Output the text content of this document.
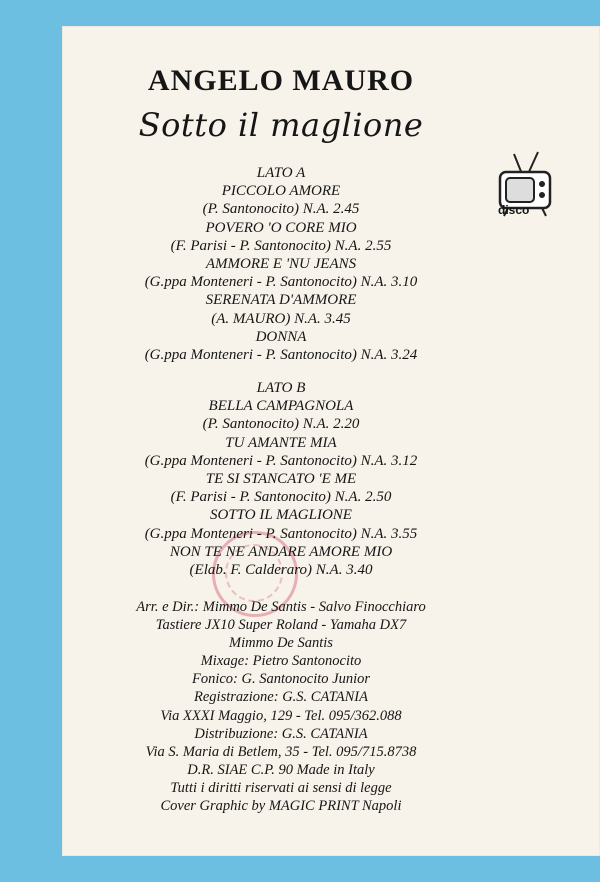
ANGELO MAURO
Sotto il maglione
disco
LATO A
PICCOLO AMORE
(P. Santonocito) N.A. 2.45
POVERO 'O CORE MIO
(F. Parisi - P. Santonocito) N.A. 2.55
AMMORE E 'NU JEANS
(G.ppa Monteneri - P. Santonocito) N.A. 3.10
SERENATA D'AMMORE
(A. MAURO) N.A. 3.45
DONNA
(G.ppa Monteneri - P. Santonocito) N.A. 3.24
LATO B
BELLA CAMPAGNOLA
(P. Santonocito) N.A. 2.20
TU AMANTE MIA
(G.ppa Monteneri - P. Santonocito) N.A. 3.12
TE SI STANCATO 'E ME
(F. Parisi - P. Santonocito) N.A. 2.50
SOTTO IL MAGLIONE
(G.ppa Monteneri - P. Santonocito) N.A. 3.55
NON TE NE ANDARE AMORE MIO
(Elab. F. Calderaro) N.A. 3.40
Arr. e Dir.: Mimmo De Santis - Salvo Finocchiaro
Tastiere JX10 Super Roland - Yamaha DX7
Mimmo De Santis
Mixage: Pietro Santonocito
Fonico: G. Santonocito Junior
Registrazione: G.S. CATANIA
Via XXXI Maggio, 129 - Tel. 095/362.088
Distribuzione: G.S. CATANIA
Via S. Maria di Betlem, 35 - Tel. 095/715.8738
D.R. SIAE C.P. 90 Made in Italy
Tutti i diritti riservati ai sensi di legge
Cover Graphic by MAGIC PRINT Napoli
